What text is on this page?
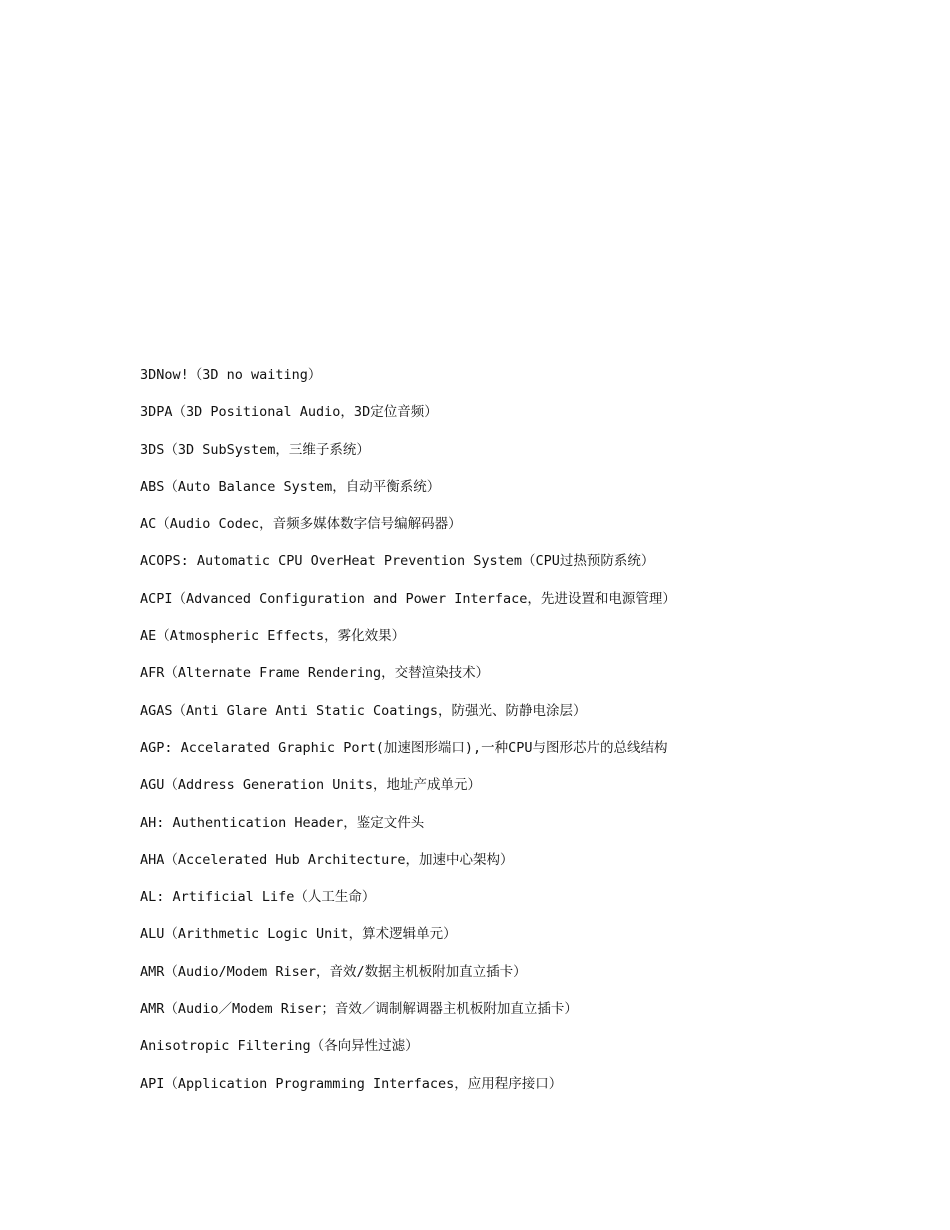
3DNow!（3D no waiting）
3DPA（3D Positional Audio，3D定位音频）
3DS（3D SubSystem，三维子系统）
ABS（Auto Balance System，自动平衡系统）
AC（Audio Codec，音频多媒体数字信号编解码器）
ACOPS: Automatic CPU OverHeat Prevention System（CPU过热预防系统）
ACPI（Advanced Configuration and Power Interface，先进设置和电源管理）
AE（Atmospheric Effects，雾化效果）
AFR（Alternate Frame Rendering，交替渲染技术）
AGAS（Anti Glare Anti Static Coatings，防强光、防静电涂层）
AGP: Accelarated Graphic Port(加速图形端口),一种CPU与图形芯片的总线结构
AGU（Address Generation Units，地址产成单元）
AH: Authentication Header，鉴定文件头
AHA（Accelerated Hub Architecture，加速中心架构）
AL: Artificial Life（人工生命）
ALU（Arithmetic Logic Unit，算术逻辑单元）
AMR（Audio/Modem Riser，音效/数据主机板附加直立插卡）
AMR（Audio／Modem Riser；音效／调制解调器主机板附加直立插卡）
Anisotropic Filtering（各向异性过滤）
API（Application Programming Interfaces，应用程序接口）
